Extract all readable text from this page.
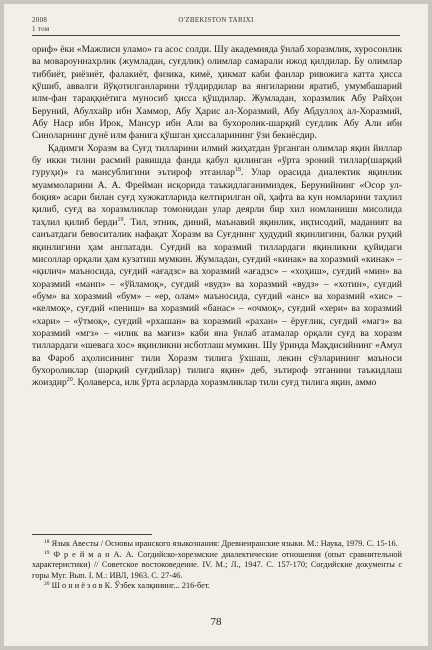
2008	O'ZBEKISTON TARIXI
1 том

ориф» ёки «Мажлиси уламо» га асос солди. Шу академияда ўнлаб хоразмлик, хуросонлик ва мовароуннахрлик (жумладан, суғдлик) олимлар самарали ижод қилдилар. Бу олимлар тиббиёт, риёзиёт, фалакиёт, физика, кимё, ҳикмат каби фанлар ривожига катта ҳисса қўшиб, аввалги йўқотилганларини тўлдирдилар ва янгиларини яратиб, умумбашарий илм-фан тараққиётига муносиб ҳисса қўшдилар. Жумладан, хоразмлик Абу Райҳон Беруний, Абулхайр ибн Хаммор, Абу Ҳарис ал-Хоразмий, Абу Абдуллоҳ ал-Хоразмий, Абу Наср ибн Ирок, Мансур ибн Али ва бухоролик-шарқий суғдлик Абу Али ибн Синоларнинг дунё илм фанига қўшган ҳиссаларининг ўзи бекиёсдир.

Қадимги Хоразм ва Суғд тилларини илмий жиҳатдан ўрганган олимлар яқин йиллар бу икки тилни расмий равишда фанда қабул қилинган «ўрта эроний тиллар(шарқий гуруҳи)» га мансублигини эътироф этганлар$^{18}$. Улар орасида диалектик яқинлик муаммоларини А. А. Фрейман исқорида таъкидлаганимиздек, Берунийнинг «Осор ул-боқия» асари билан суғд хужжатларида келтирилган ой, ҳафта ва кун номларини таҳлил қилиб, суғд ва хоразмликлар томонидан улар деярли бир хил номланиши мисолида таҳлил қилиб берди$^{19}$. Тил, этник, диний, маънавий яқинлик, иқтисодий, маданият ва санъатдаги бевоситалик нафақат Хоразм ва Суғднинг ҳудудий яқинлигини, балки руҳий яқинлигини ҳам англатади. Суғдий ва хоразмий тиллардаги яқинликни қуйидаги мисоллар орқали ҳам кузатиш мумкин. Жумладан, суғдий «кинак» ва хоразмий «кинак» – «қилич» маъносида, суғдий «ағадзс» ва хоразмий «ағадзс» – «хоҳиш», суғдий «мин» ва хоразмий «манп» – «ўйламоқ», суғдий «вудз» ва хоразмий «вудз» – «хотин», суғдий «бум» ва хоразмий «бум» – «ер, олам» маъносида, суғдий «анс» ва хоразмий «хис» – «келмоқ», суғдий «пениш» ва хоразмий «банас» – «очмоқ», суғдий «хери» ва хоразмий «хари» – «ўтмоқ», суғдий «рхашан» ва хоразмий «рахан» – ёруғлик, суғдий «магз» ва хоразмий «мгз» – «илик ва мағиз» каби яна ўнлаб атамалар орқали суғд ва хоразм тиллардаги «шевага хос» яқинликни исботлаш мумкин. Шу ўринда Мақдисийнинг «Амул ва Фароб аҳолисининг тили Хоразм тилига ўхшаш, лекин сўзларининг маъноси бухороликлар (шарқий суғдийлар) тилига яқин» деб, эътироф этганини таъкидлаш жоиздир$^{20}$. Қолаверса, илк ўрта асрларда хоразмликлар тили суғд тилига яқин, аммо

$^{18}$ Язык Авесты / Основы иранского языкознания: Древнеиранские языки. М.: Наука, 1979. С. 15-16.

$^{19}$ Ф р е й м а н А. А. Согдийско-хорезмские диалектические отношения (опыт сравнительной характеристики) // Советское востоковедение. IV. М.; Л., 1947. С. 157-170; Согдийские документы с горы Муг. Вып. I. М.: ИВЛ, 1963. С. 27-46.

$^{20}$ Ш о н и ё з о в К. Ўзбек халқининг... 216-бет.

78
